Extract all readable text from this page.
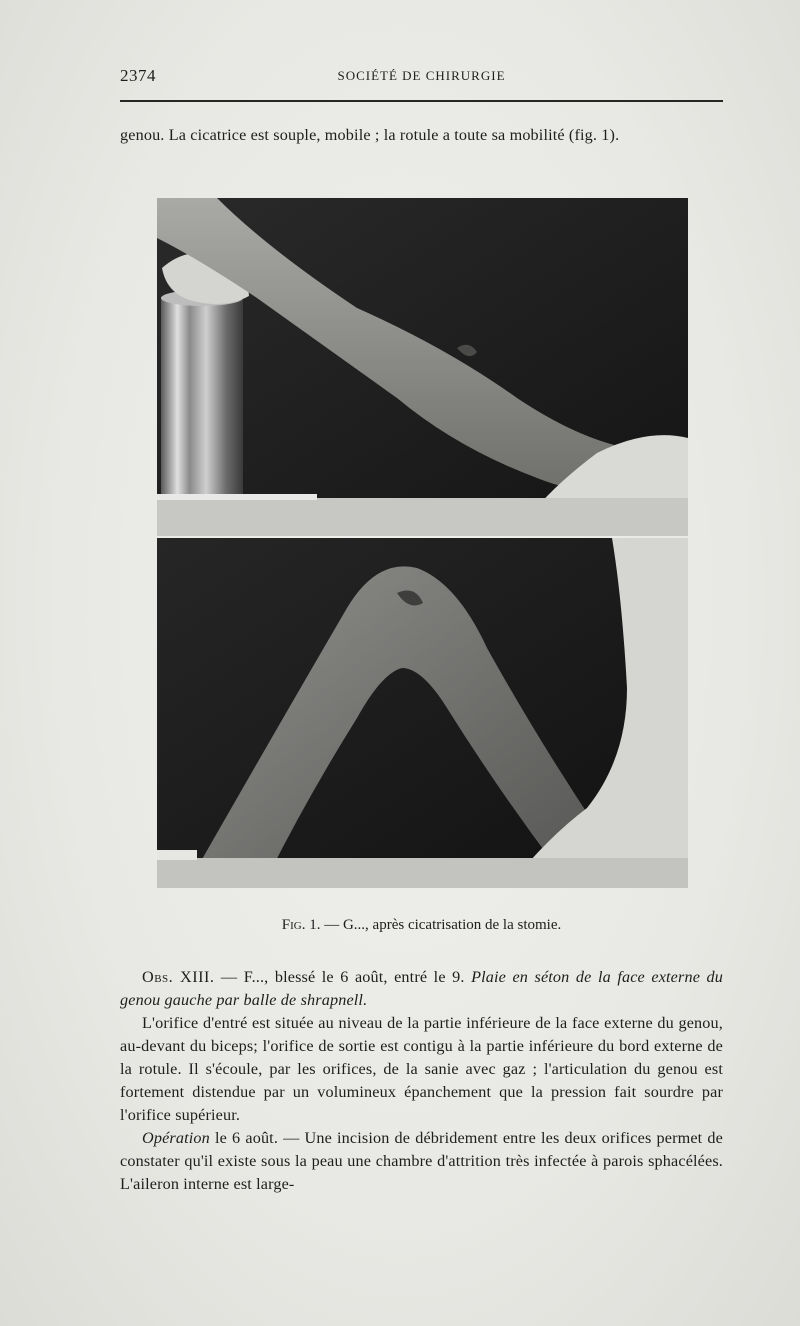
2374	SOCIÉTÉ DE CHIRURGIE
genou. La cicatrice est souple, mobile ; la rotule a toute sa mobilité (fig. 1).
Fig. 1. — G..., après cicatrisation de la stomie.

Obs. XIII. — F..., blessé le 6 août, entré le 9. Plaie en séton de la face externe du genou gauche par balle de shrapnell.

L'orifice d'entré est située au niveau de la partie inférieure de la face externe du genou, au-devant du biceps; l'orifice de sortie est contigu à la partie inférieure du bord externe de la rotule. Il s'écoule, par les orifices, de la sanie avec gaz ; l'articulation du genou est fortement distendue par un volumineux épanchement que la pression fait sourdre par l'orifice supérieur.

Opération le 6 août. — Une incision de débridement entre les deux orifices permet de constater qu'il existe sous la peau une chambre d'attrition très infectée à parois sphacélées. L'aileron interne est large-
